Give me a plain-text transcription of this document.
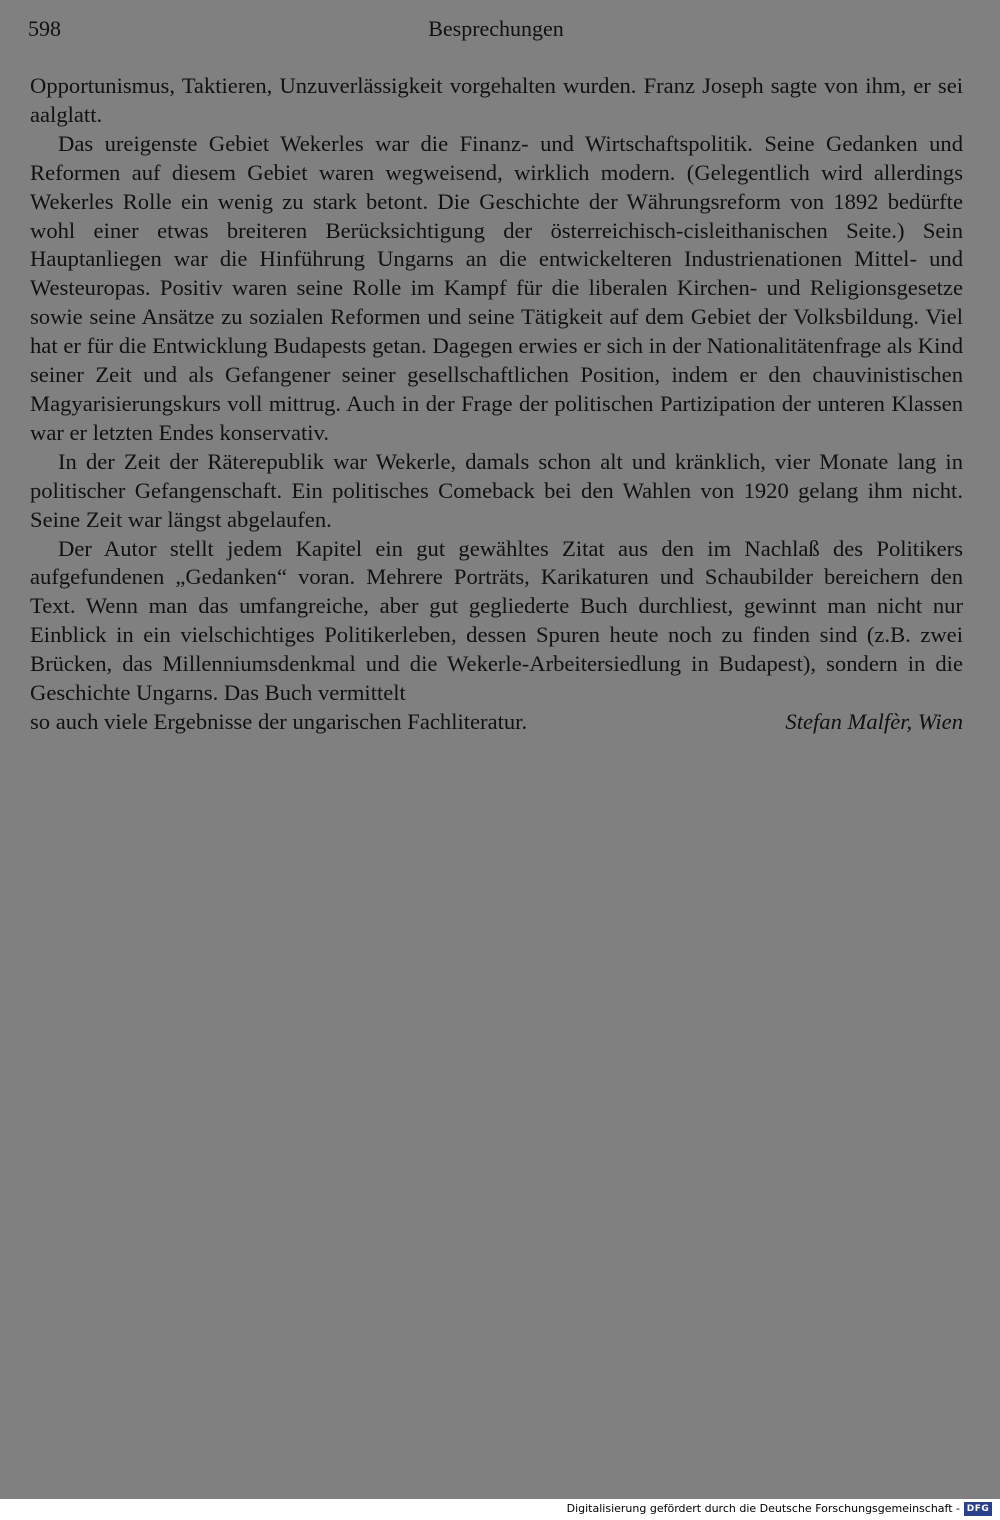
598	Besprechungen

Opportunismus, Taktieren, Unzuverlässigkeit vorgehalten wurden. Franz Joseph sagte von ihm, er sei aalglatt.

Das ureigenste Gebiet Wekerles war die Finanz- und Wirtschaftspolitik. Seine Gedanken und Reformen auf diesem Gebiet waren wegweisend, wirklich modern. (Gelegentlich wird allerdings Wekerles Rolle ein wenig zu stark betont. Die Geschichte der Währungsreform von 1892 bedürfte wohl einer etwas breiteren Berücksichtigung der österreichisch-cisleithanischen Seite.) Sein Hauptanliegen war die Hinführung Ungarns an die entwickelteren Industrienationen Mittel- und Westeuropas. Positiv waren seine Rolle im Kampf für die liberalen Kirchen- und Religionsgesetze sowie seine Ansätze zu sozialen Reformen und seine Tätigkeit auf dem Gebiet der Volksbildung. Viel hat er für die Entwicklung Budapests getan. Dagegen erwies er sich in der Nationalitätenfrage als Kind seiner Zeit und als Gefangener seiner gesellschaftlichen Position, indem er den chauvinistischen Magyarisierungskurs voll mittrug. Auch in der Frage der politischen Partizipation der unteren Klassen war er letzten Endes konservativ.

In der Zeit der Räterepublik war Wekerle, damals schon alt und kränklich, vier Monate lang in politischer Gefangenschaft. Ein politisches Comeback bei den Wahlen von 1920 gelang ihm nicht. Seine Zeit war längst abgelaufen.

Der Autor stellt jedem Kapitel ein gut gewähltes Zitat aus den im Nachlaß des Politikers aufgefundenen „Gedanken“ voran. Mehrere Porträts, Karikaturen und Schaubilder bereichern den Text. Wenn man das umfangreiche, aber gut gegliederte Buch durchliest, gewinnt man nicht nur Einblick in ein vielschichtiges Politikerleben, dessen Spuren heute noch zu finden sind (z.B. zwei Brücken, das Millenniumsdenkmal und die Wekerle-Arbeitersiedlung in Budapest), sondern in die Geschichte Ungarns. Das Buch vermittelt

so auch viele Ergebnisse der ungarischen Fachliteratur.	Stefan Malfèr, Wien

Digitalisierung gefördert durch die Deutsche Forschungsgemeinschaft - DFG
